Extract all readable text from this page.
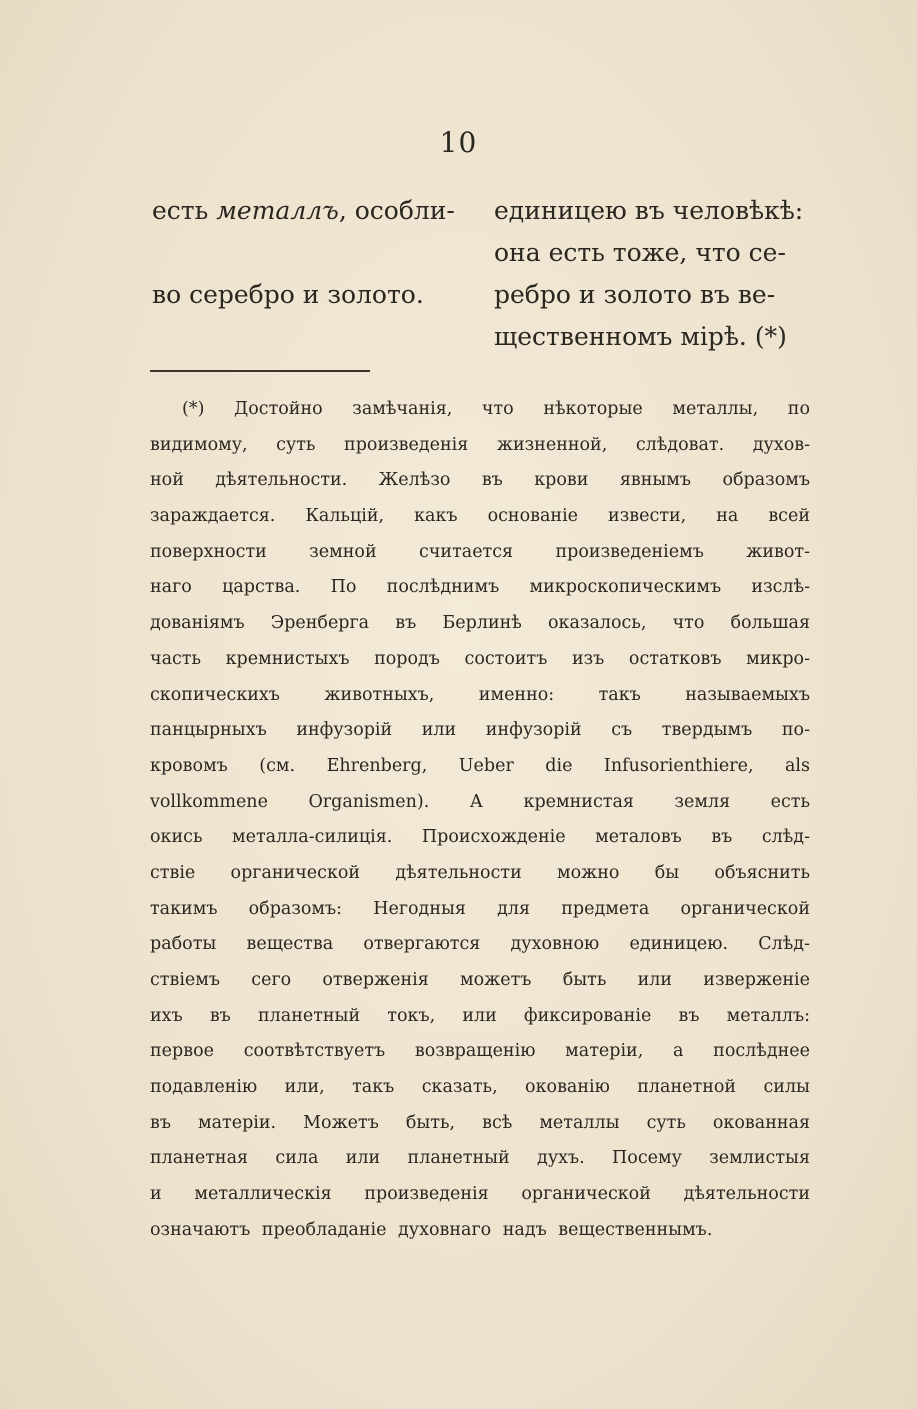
10
есть металлъ, особли-
во серебро и золото.
единицею въ человѣкѣ:
она есть тоже, что се-
ребро и золото въ ве-
щественномъ мірѣ. (*)
(*) Достойно замѣчанія, что нѣкоторые металлы, по
видимому, суть произведенія жизненной, слѣдоват. духов-
ной дѣятельности. Желѣзо въ крови явнымъ образомъ
зараждается. Кальцій, какъ основаніе извести, на всей
поверхности земной считается произведеніемъ живот-
наго царства. По послѣднимъ микроскопическимъ изслѣ-
дованіямъ Эренберга въ Берлинѣ оказалось, что большая
часть кремнистыхъ породъ состоитъ изъ остатковъ микро-
скопическихъ животныхъ, именно: такъ называемыхъ
панцырныхъ инфузорій или инфузорій съ твердымъ по-
кровомъ (см. Ehrenberg, Ueber die Infusorienthiere, als
vollkommene Organismen). А кремнистая земля есть
окись металла-силиція. Происхожденіе металовъ въ слѣд-
ствіе органической дѣятельности можно бы объяснить
такимъ образомъ: Негодныя для предмета органической
работы вещества отвергаются духовною единицею. Слѣд-
ствіемъ сего отверженія можетъ быть или изверженіе
ихъ въ планетный токъ, или фиксированіе въ металлъ:
первое соотвѣтствуетъ возвращенію матеріи, а послѣднее
подавленію или, такъ сказать, окованію планетной силы
въ матеріи. Можетъ быть, всѣ металлы суть окованная
планетная сила или планетный духъ. Посему землистыя
и металлическія произведенія органической дѣятельности
означаютъ преобладаніе духовнаго надъ вещественнымъ.
